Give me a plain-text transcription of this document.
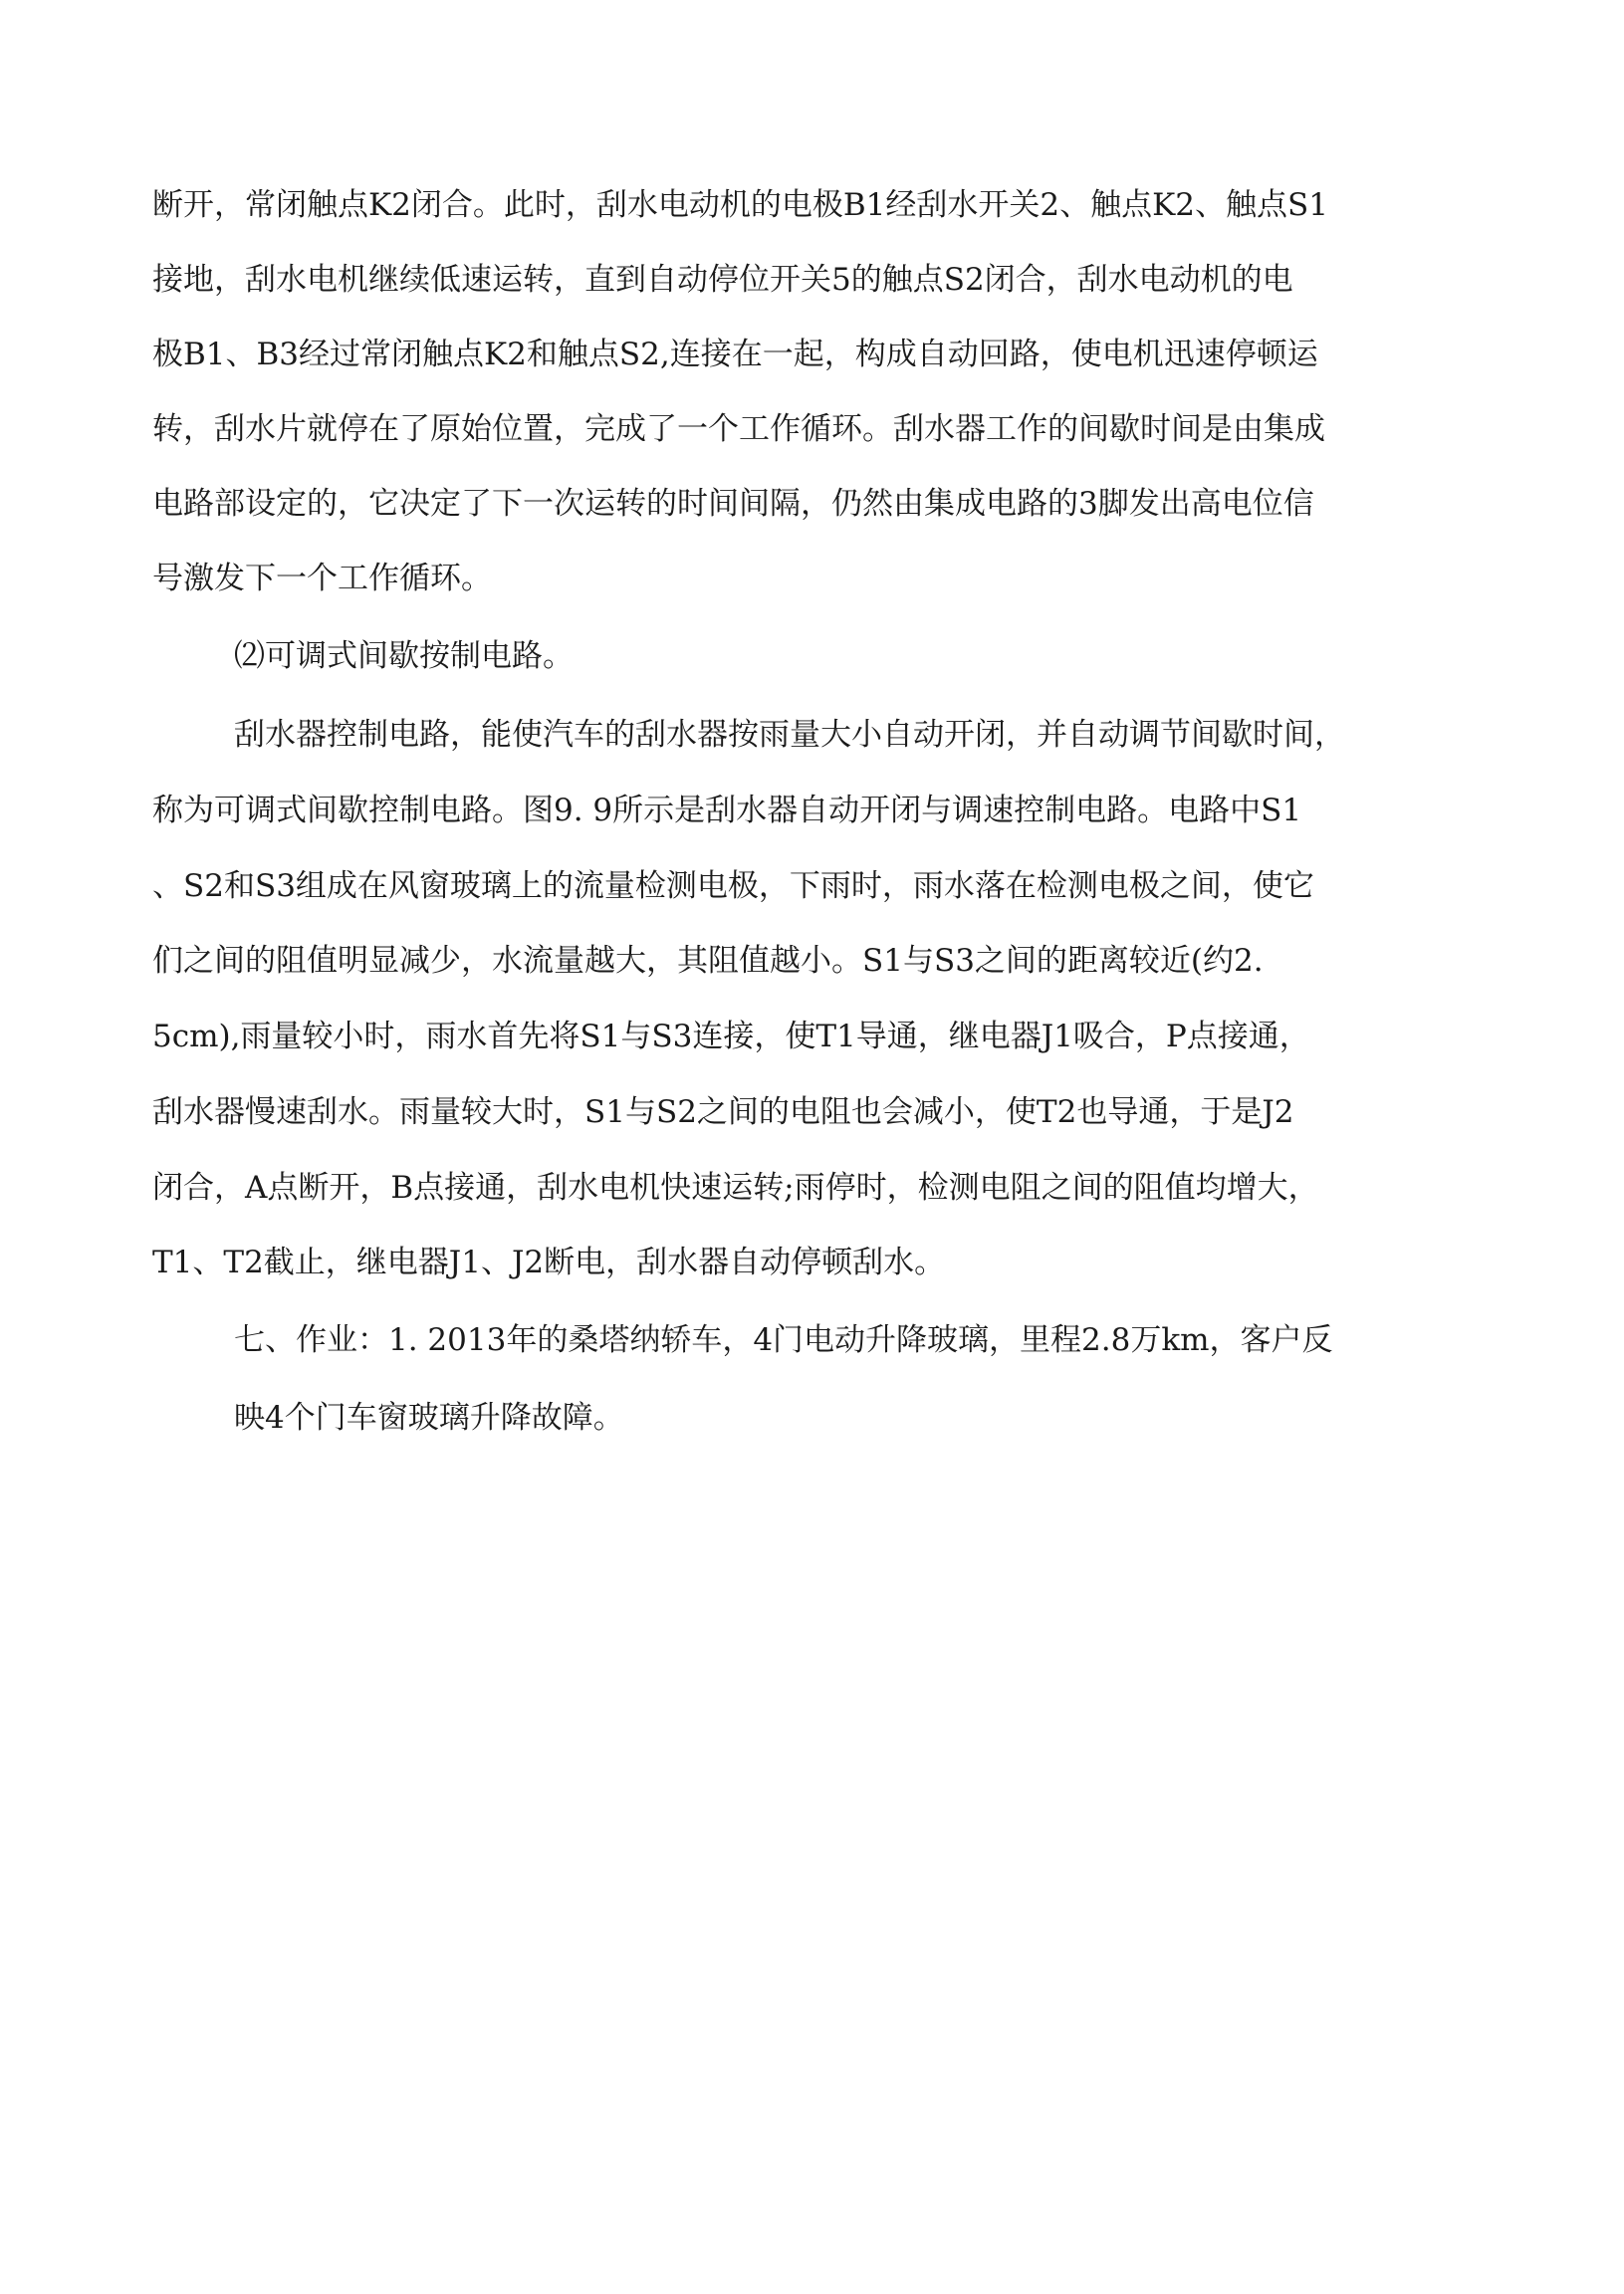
断开，常闭触点K2闭合。此时，刮水电动机的电极B1经刮水开关2、触点K2、触点S1
接地，刮水电机继续低速运转，直到自动停位开关5的触点S2闭合，刮水电动机的电
极B1、B3经过常闭触点K2和触点S2,连接在一起，构成自动回路，使电机迅速停顿运
转，刮水片就停在了原始位置，完成了一个工作循环。刮水器工作的间歇时间是由集成
电路部设定的，它决定了下一次运转的时间间隔，仍然由集成电路的3脚发出高电位信
号激发下一个工作循环。
⑵可调式间歇按制电路。
刮水器控制电路，能使汽车的刮水器按雨量大小自动开闭，并自动调节间歇时间，
称为可调式间歇控制电路。图9. 9所示是刮水器自动开闭与调速控制电路。电路中S1
、S2和S3组成在风窗玻璃上的流量检测电极，下雨时，雨水落在检测电极之间，使它
们之间的阻值明显减少，水流量越大，其阻值越小。S1与S3之间的距离较近(约2.
5cm),雨量较小时，雨水首先将S1与S3连接，使T1导通，继电器J1吸合，P点接通，
刮水器慢速刮水。雨量较大时，S1与S2之间的电阻也会减小，使T2也导通，于是J2
闭合，A点断开，B点接通，刮水电机快速运转;雨停时，检测电阻之间的阻值均增大，
T1、T2截止，继电器J1、J2断电，刮水器自动停顿刮水。
七、作业：1. 2013年的桑塔纳轿车，4门电动升降玻璃，里程2.8万km，客户反
映4个门车窗玻璃升降故障。
